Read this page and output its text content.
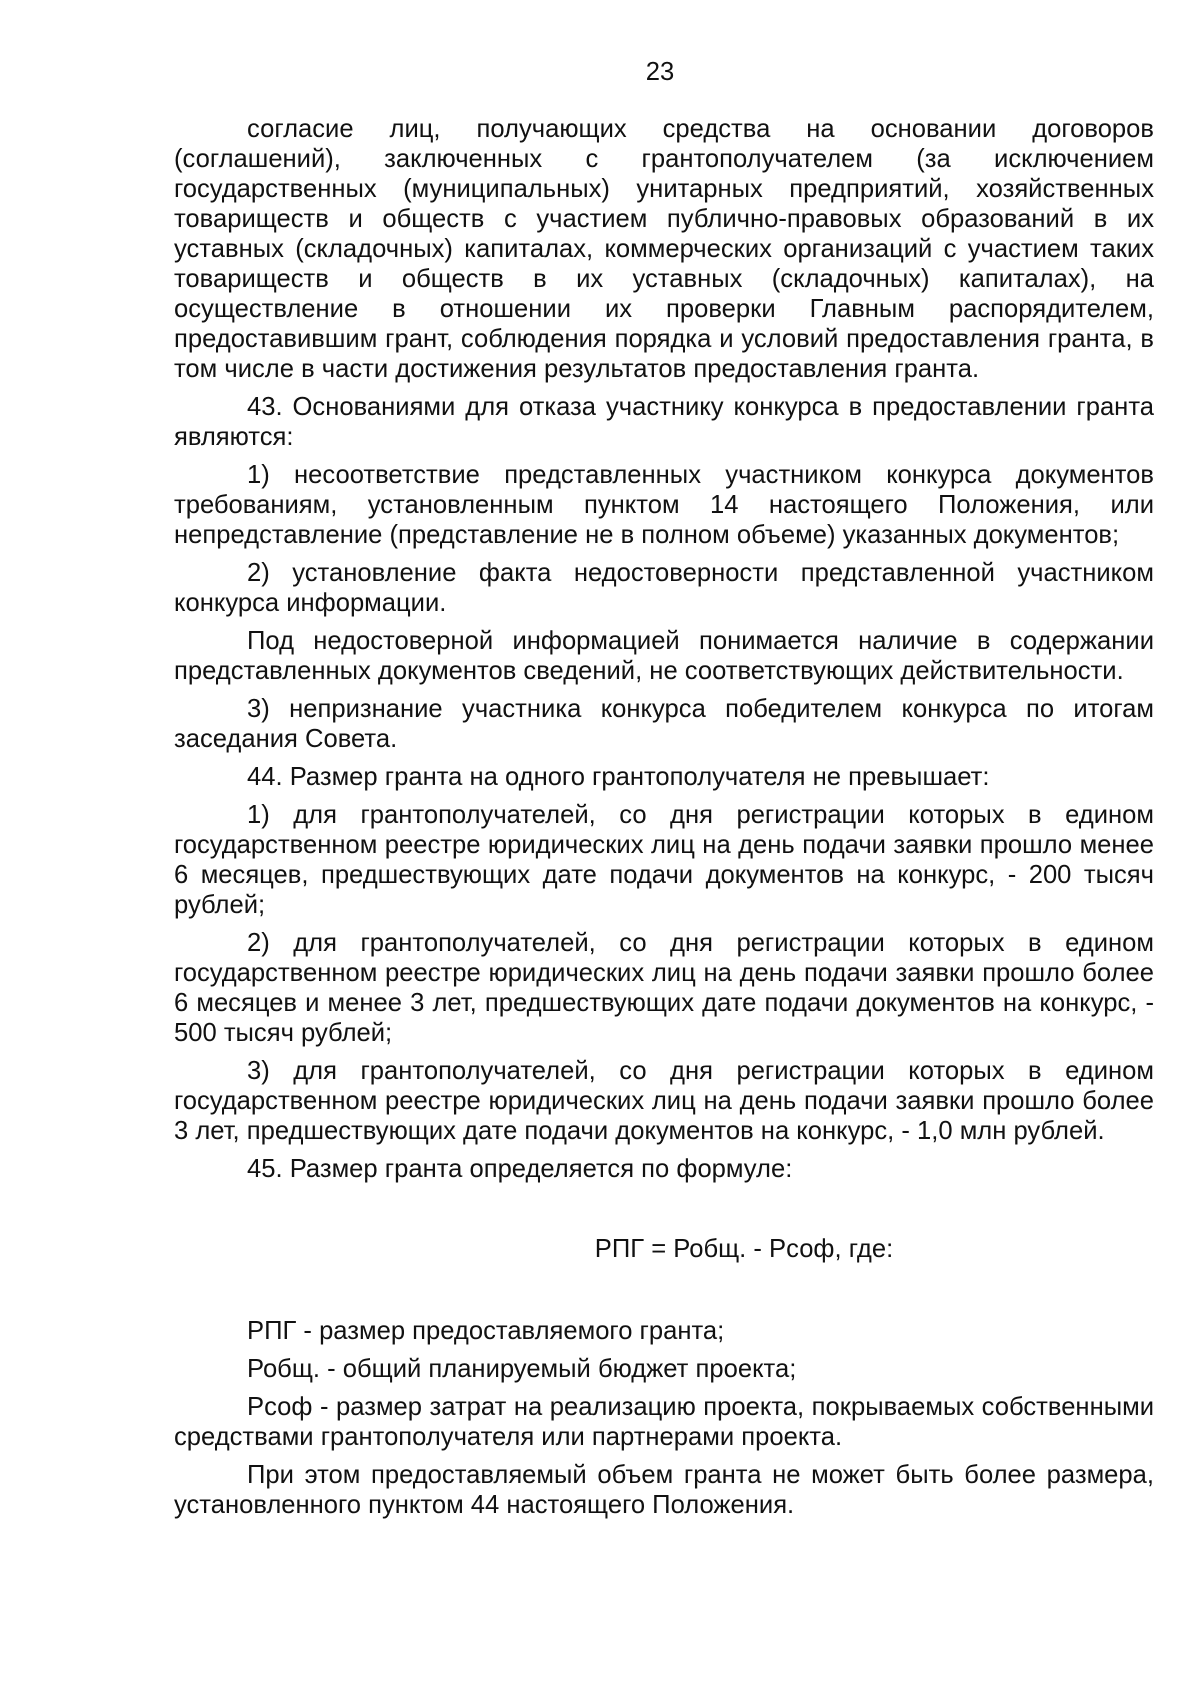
23

согласие лиц, получающих средства на основании договоров (соглашений), заключенных с грантополучателем (за исключением государственных (муниципальных) унитарных предприятий, хозяйственных товариществ и обществ с участием публично-правовых образований в их уставных (складочных) капиталах, коммерческих организаций с участием таких товариществ и обществ в их уставных (складочных) капиталах), на осуществление в отношении их проверки Главным распорядителем, предоставившим грант, соблюдения порядка и условий предоставления гранта, в том числе в части достижения результатов предоставления гранта.

43. Основаниями для отказа участнику конкурса в предоставлении гранта являются:

1) несоответствие представленных участником конкурса документов требованиям, установленным пунктом 14 настоящего Положения, или непредставление (представление не в полном объеме) указанных документов;

2) установление факта недостоверности представленной участником конкурса информации.

Под недостоверной информацией понимается наличие в содержании представленных документов сведений, не соответствующих действительности.

3) непризнание участника конкурса победителем конкурса по итогам заседания Совета.

44. Размер гранта на одного грантополучателя не превышает:

1) для грантополучателей, со дня регистрации которых в едином государственном реестре юридических лиц на день подачи заявки прошло менее 6 месяцев, предшествующих дате подачи документов на конкурс, - 200 тысяч рублей;

2) для грантополучателей, со дня регистрации которых в едином государственном реестре юридических лиц на день подачи заявки прошло более 6 месяцев и менее 3 лет, предшествующих дате подачи документов на конкурс, - 500 тысяч рублей;

3) для грантополучателей, со дня регистрации которых в едином государственном реестре юридических лиц на день подачи заявки прошло более 3 лет, предшествующих дате подачи документов на конкурс, - 1,0 млн рублей.

45. Размер гранта определяется по формуле:

РПГ = Робщ. - Рсоф, где:

РПГ - размер предоставляемого гранта;

Робщ. - общий планируемый бюджет проекта;

Рсоф - размер затрат на реализацию проекта, покрываемых собственными средствами грантополучателя или партнерами проекта.

При этом предоставляемый объем гранта не может быть более размера, установленного пунктом 44 настоящего Положения.
